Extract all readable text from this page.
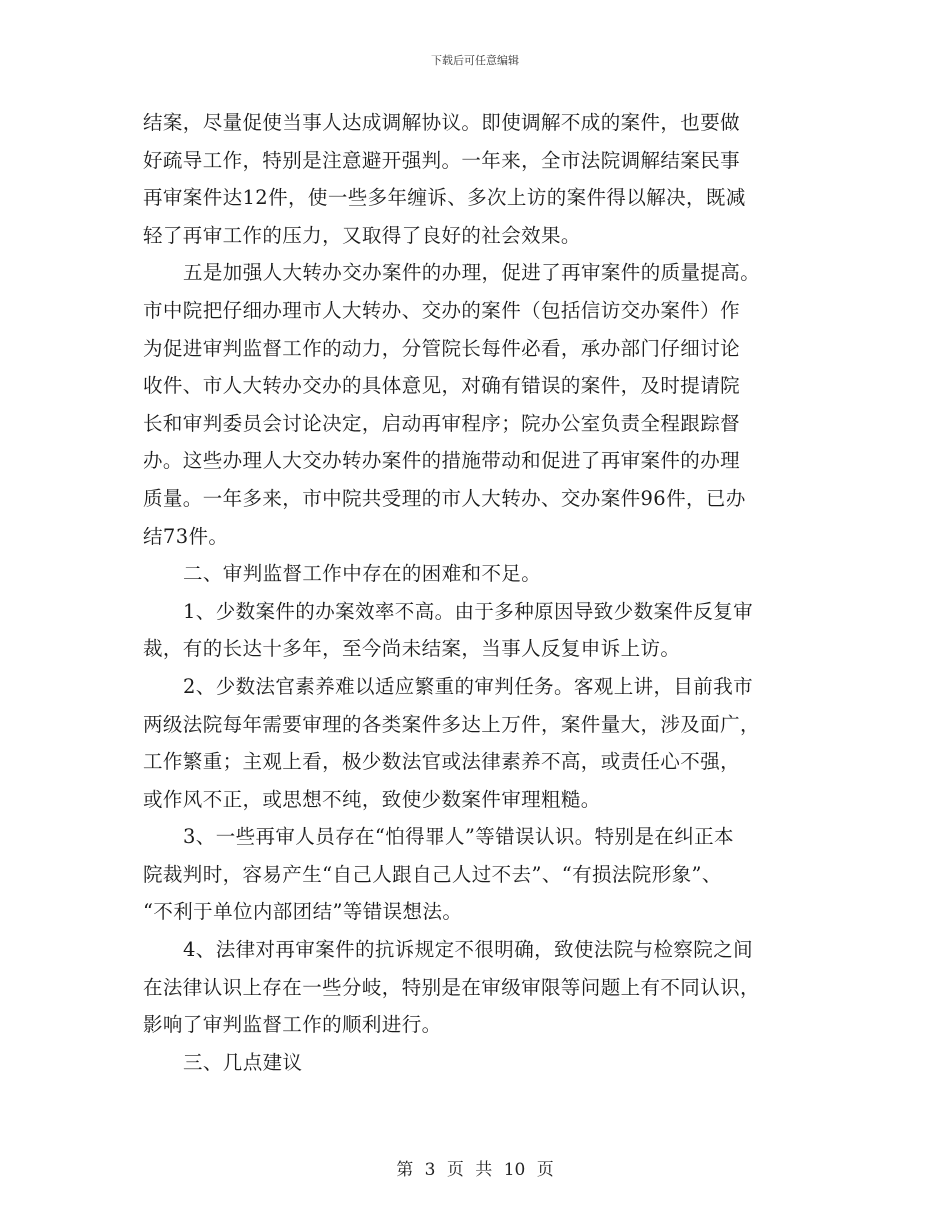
下载后可任意编辑
结案，尽量促使当事人达成调解协议。即使调解不成的案件，也要做
好疏导工作，特别是注意避开强判。一年来，全市法院调解结案民事
再审案件达12件，使一些多年缠诉、多次上访的案件得以解决，既减
轻了再审工作的压力，又取得了良好的社会效果。
五是加强人大转办交办案件的办理，促进了再审案件的质量提高。
市中院把仔细办理市人大转办、交办的案件（包括信访交办案件）作
为促进审判监督工作的动力，分管院长每件必看，承办部门仔细讨论
收件、市人大转办交办的具体意见，对确有错误的案件，及时提请院
长和审判委员会讨论决定，启动再审程序；院办公室负责全程跟踪督
办。这些办理人大交办转办案件的措施带动和促进了再审案件的办理
质量。一年多来，市中院共受理的市人大转办、交办案件96件，已办
结73件。
二、审判监督工作中存在的困难和不足。
1、少数案件的办案效率不高。由于多种原因导致少数案件反复审
裁，有的长达十多年，至今尚未结案，当事人反复申诉上访。
2、少数法官素养难以适应繁重的审判任务。客观上讲，目前我市
两级法院每年需要审理的各类案件多达上万件，案件量大，涉及面广，
工作繁重；主观上看，极少数法官或法律素养不高，或责任心不强，
或作风不正，或思想不纯，致使少数案件审理粗糙。
3、一些再审人员存在“怕得罪人”等错误认识。特别是在纠正本
院裁判时，容易产生“自己人跟自己人过不去”、“有损法院形象”、
“不利于单位内部团结”等错误想法。
4、法律对再审案件的抗诉规定不很明确，致使法院与检察院之间
在法律认识上存在一些分岐，特别是在审级审限等问题上有不同认识，
影响了审判监督工作的顺利进行。
三、几点建议
第 3 页 共 10 页
